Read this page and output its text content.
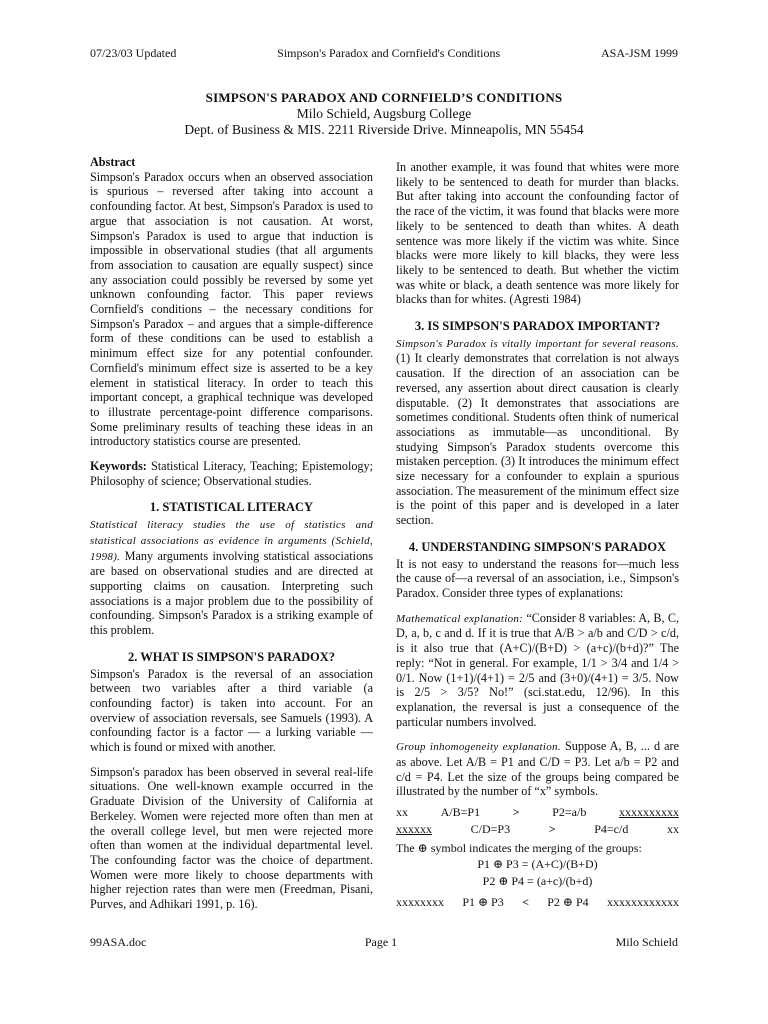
07/23/03 Updated	Simpson's Paradox and Cornfield's Conditions	ASA-JSM 1999
SIMPSON'S PARADOX AND CORNFIELD’S CONDITIONS
Milo Schield, Augsburg College
Dept. of Business & MIS. 2211 Riverside Drive. Minneapolis, MN 55454
Abstract

Simpson's Paradox occurs when an observed association is spurious – reversed after taking into account a confounding factor. At best, Simpson's Paradox is used to argue that association is not causation. At worst, Simpson's Paradox is used to argue that induction is impossible in observational studies (that all arguments from association to causation are equally suspect) since any association could possibly be reversed by some yet unknown confounding factor. This paper reviews Cornfield's conditions – the necessary conditions for Simpson's Paradox – and argues that a simple-difference form of these conditions can be used to establish a minimum effect size for any potential confounder. Cornfield's minimum effect size is asserted to be a key element in statistical literacy. In order to teach this important concept, a graphical technique was developed to illustrate percentage-point difference comparisons. Some preliminary results of teaching these ideas in an introductory statistics course are presented.

Keywords: Statistical Literacy, Teaching; Epistemology; Philosophy of science; Observational studies.

1. STATISTICAL LITERACY

Statistical literacy studies the use of statistics and statistical associations as evidence in arguments (Schield, 1998). Many arguments involving statistical associations are based on observational studies and are directed at supporting claims on causation. Interpreting such associations is a major problem due to the possibility of confounding. Simpson's Paradox is a striking example of this problem.

2. WHAT IS SIMPSON'S PARADOX?

Simpson's Paradox is the reversal of an association between two variables after a third variable (a confounding factor) is taken into account. For an overview of association reversals, see Samuels (1993). A confounding factor is a factor — a lurking variable — which is found or mixed with another.

Simpson's paradox has been observed in several real-life situations. One well-known example occurred in the Graduate Division of the University of California at Berkeley. Women were rejected more often than men at the overall college level, but men were rejected more often than women at the individual departmental level. The confounding factor was the choice of department. Women were more likely to choose departments with higher rejection rates than were men (Freedman, Pisani, Purves, and Adhikari 1991, p. 16).

In another example, it was found that whites were more likely to be sentenced to death for murder than blacks. But after taking into account the confounding factor of the race of the victim, it was found that blacks were more likely to be sentenced to death than whites. A death sentence was more likely if the victim was white. Since blacks were more likely to kill blacks, they were less likely to be sentenced to death. But whether the victim was white or black, a death sentence was more likely for blacks than for whites. (Agresti 1984)

3. IS SIMPSON'S PARADOX IMPORTANT?

Simpson's Paradox is vitally important for several reasons. (1) It clearly demonstrates that correlation is not always causation. If the direction of an association can be reversed, any assertion about direct causation is clearly disputable. (2) It demonstrates that associations are sometimes conditional. Students often think of numerical associations as immutable—as unconditional. By studying Simpson's Paradox students overcome this mistaken perception. (3) It introduces the minimum effect size necessary for a confounder to explain a spurious association. The measurement of the minimum effect size is the point of this paper and is developed in a later section.

4. UNDERSTANDING SIMPSON'S PARADOX

It is not easy to understand the reasons for—much less the cause of—a reversal of an association, i.e., Simpson's Paradox. Consider three types of explanations:

Mathematical explanation: “Consider 8 variables: A, B, C, D, a, b, c and d. If it is true that A/B > a/b and C/D > c/d, is it also true that (A+C)/(B+D) > (a+c)/(b+d)?” The reply: “Not in general. For example, 1/1 > 3/4 and 1/4 > 0/1. Now (1+1)/(4+1) = 2/5 and (3+0)/(4+1) = 3/5. Now is 2/5 > 3/5? No!” (sci.stat.edu, 12/96). In this explanation, the reversal is just a consequence of the particular numbers involved.

Group inhomogeneity explanation. Suppose A, B, ... d are as above. Let A/B = P1 and C/D = P3. Let a/b = P2 and c/d = P4. Let the size of the groups being compared be illustrated by the number of “x” symbols.

xx	A/B=P1	>	P2=a/b	xxxxxxxxxx
xxxxxx	C/D=P3	>	P4=c/d	xx
The ⊕ symbol indicates the merging of the groups:
P1 ⊕ P3 = (A+C)/(B+D)
P2 ⊕ P4 = (a+c)/(b+d)
xxxxxxxx P1 ⊕ P3 < P2 ⊕ P4 xxxxxxxxxxxx
99ASA.doc	Page 1	Milo Schield
